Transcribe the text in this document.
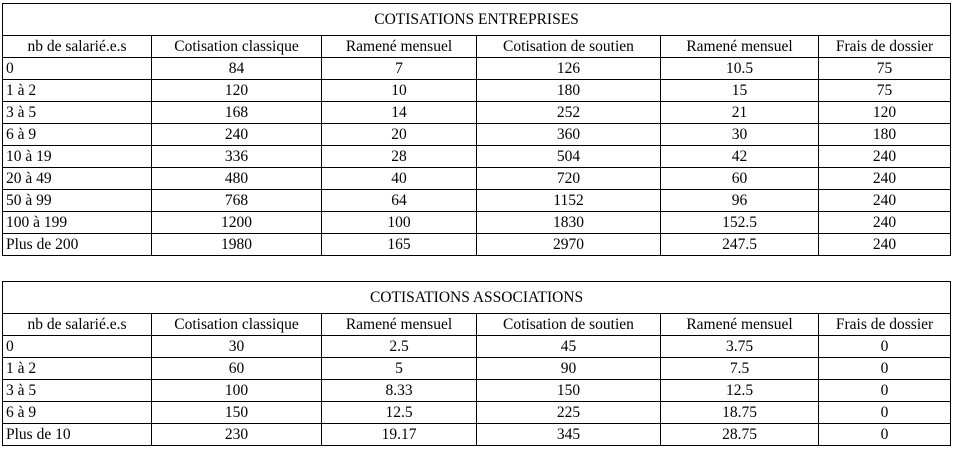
COTISATIONS ENTREPRISES					
nb de salarié.e.s	Cotisation classique	Ramené mensuel	Cotisation de soutien	Ramené mensuel	Frais de dossier
0	84	7	126	10.5	75
1 à 2	120	10	180	15	75
3 à 5	168	14	252	21	120
6 à 9	240	20	360	30	180
10 à 19	336	28	504	42	240
20 à 49	480	40	720	60	240
50 à 99	768	64	1152	96	240
100 à 199	1200	100	1830	152.5	240
Plus de 200	1980	165	2970	247.5	240
COTISATIONS ASSOCIATIONS					
nb de salarié.e.s	Cotisation classique	Ramené mensuel	Cotisation de soutien	Ramené mensuel	Frais de dossier
0	30	2.5	45	3.75	0
1 à 2	60	5	90	7.5	0
3 à 5	100	8.33	150	12.5	0
6 à 9	150	12.5	225	18.75	0
Plus de 10	230	19.17	345	28.75	0
